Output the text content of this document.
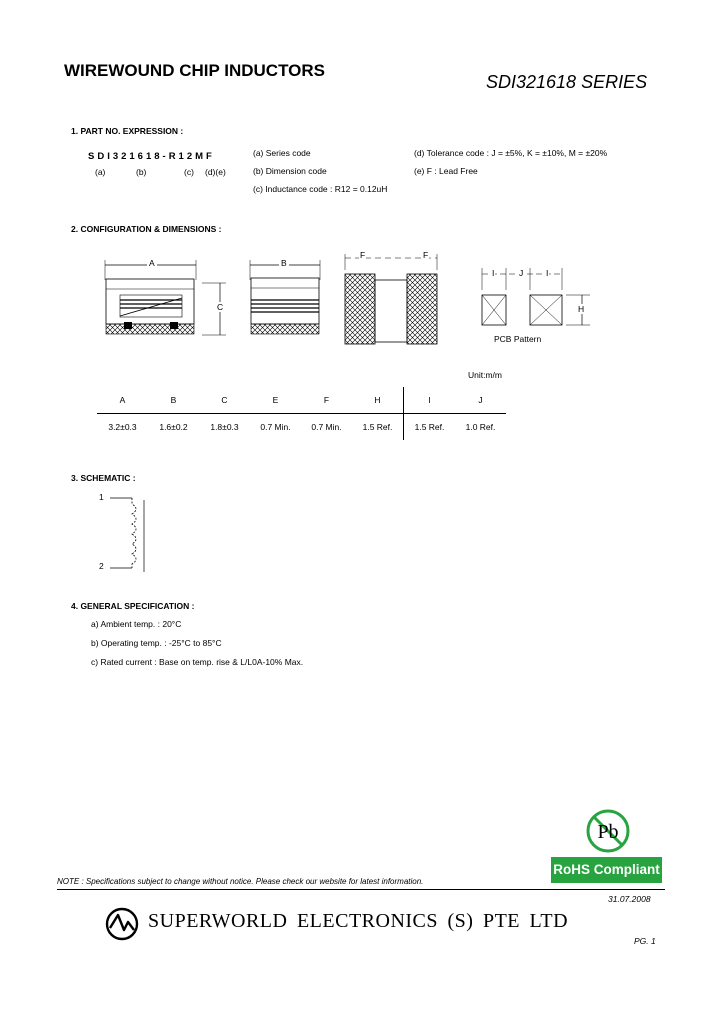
WIREWOUND CHIP INDUCTORS
SDI321618 SERIES
1. PART NO. EXPRESSION :
SDI321618-R12MF
(a)	(b)	(c) (d)(e)
(a) Series code
(b) Dimension code
(c) Inductance code : R12 = 0.12uH
(d) Tolerance code : J = ±5%, K = ±10%, M = ±20%
(e) F : Lead Free
2. CONFIGURATION & DIMENSIONS :
A	B
C
F	F
I	J	I
H
PCB Pattern
Unit:m/m
A	B	C	E	F	H	I	J
3.2±0.3	1.6±0.2	1.8±0.3	0.7 Min.	0.7 Min.	1.5 Ref.	1.5 Ref.	1.0 Ref.
3. SCHEMATIC :
1
2
4. GENERAL SPECIFICATION :
a) Ambient temp. : 20°C
b) Operating temp. : -25°C to 85°C
c) Rated current : Base on temp. rise & L/L0A-10% Max.
Pb
RoHS Compliant
NOTE : Specifications subject to change without notice. Please check our website for latest information.
31.07.2008
SUPERWORLD ELECTRONICS (S) PTE LTD
PG. 1
